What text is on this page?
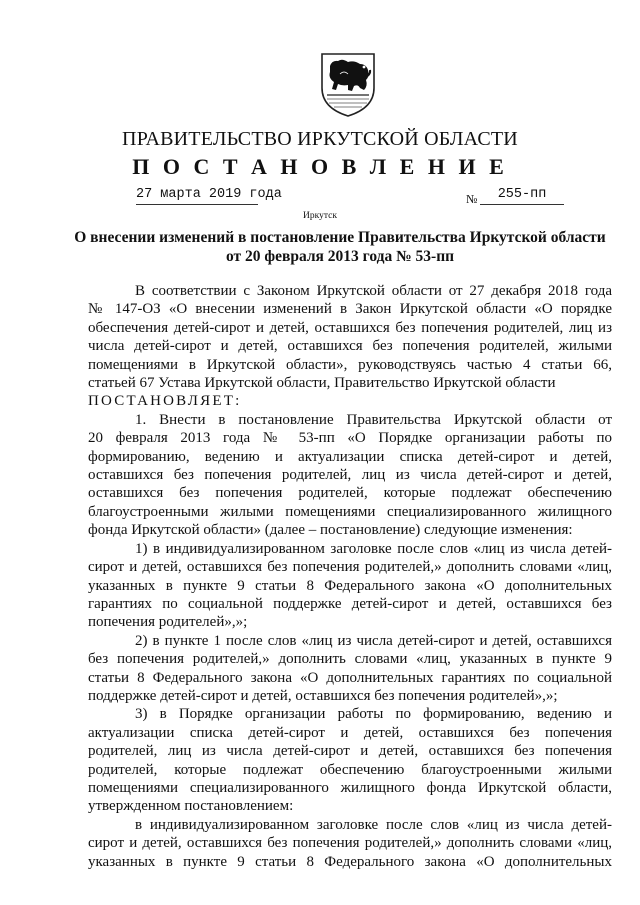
ПРАВИТЕЛЬСТВО ИРКУТСКОЙ ОБЛАСТИ
П О С Т А Н О В Л Е Н И Е
27 марта 2019 года	№	255-пп
Иркутск
О внесении изменений в постановление Правительства Иркутской области
от 20 февраля 2013 года № 53-пп
В соответствии с Законом Иркутской области от 27 декабря 2018 года
№ 147-ОЗ «О внесении изменений в Закон Иркутской области «О порядке
обеспечения детей-сирот и детей, оставшихся без попечения родителей, лиц из
числа детей-сирот и детей, оставшихся без попечения родителей, жилыми
помещениями в Иркутской области», руководствуясь частью 4 статьи 66,
статьей 67 Устава Иркутской области, Правительство Иркутской области

ПОСТАНОВЛЯЕТ:

1. Внести в постановление Правительства Иркутской области от
20 февраля 2013 года № 53-пп «О Порядке организации работы по
формированию, ведению и актуализации списка детей-сирот и детей,
оставшихся без попечения родителей, лиц из числа детей-сирот и детей,
оставшихся без попечения родителей, которые подлежат обеспечению
благоустроенными жилыми помещениями специализированного жилищного
фонда Иркутской области» (далее – постановление) следующие изменения:
1) в индивидуализированном заголовке после слов «лиц из числа детей-
сирот и детей, оставшихся без попечения родителей,» дополнить словами «лиц,
указанных в пункте 9 статьи 8 Федерального закона «О дополнительных
гарантиях по социальной поддержке детей-сирот и детей, оставшихся без
попечения родителей»,»;
2) в пункте 1 после слов «лиц из числа детей-сирот и детей, оставшихся
без попечения родителей,» дополнить словами «лиц, указанных в пункте 9
статьи 8 Федерального закона «О дополнительных гарантиях по социальной
поддержке детей-сирот и детей, оставшихся без попечения родителей»,»;
3) в Порядке организации работы по формированию, ведению и
актуализации списка детей-сирот и детей, оставшихся без попечения
родителей, лиц из числа детей-сирот и детей, оставшихся без попечения
родителей, которые подлежат обеспечению благоустроенными жилыми
помещениями специализированного жилищного фонда Иркутской области,
утвержденном постановлением:
в индивидуализированном заголовке после слов «лиц из числа детей-
сирот и детей, оставшихся без попечения родителей,» дополнить словами «лиц,
указанных в пункте 9 статьи 8 Федерального закона «О дополнительных
